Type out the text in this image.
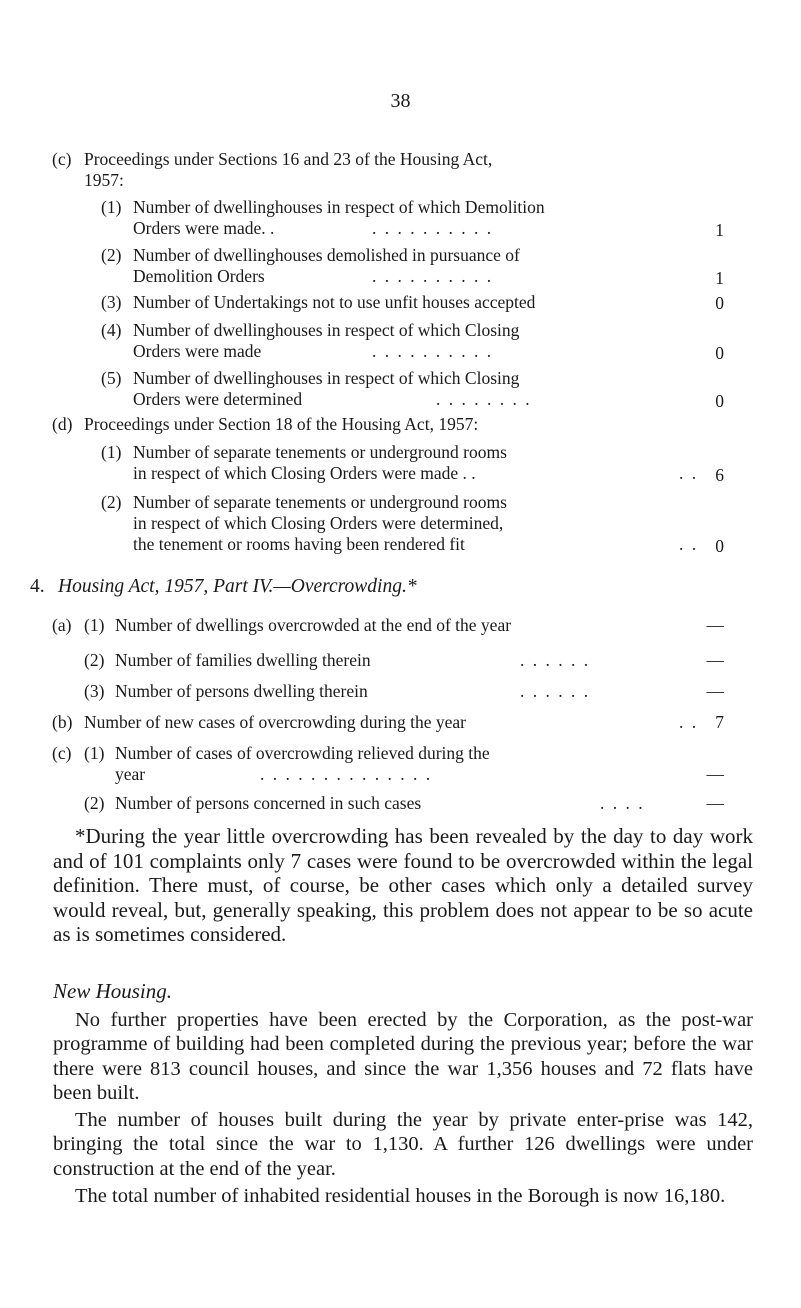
38
(c) Proceedings under Sections 16 and 23 of the Housing Act,
1957:
(1) Number of dwellinghouses in respect of which Demolition
Orders were made. .	. . . . . . . . . .	1
(2) Number of dwellinghouses demolished in pursuance of
Demolition Orders	. . . . . . . . . .	1
(3) Number of Undertakings not to use unfit houses accepted	0
(4) Number of dwellinghouses in respect of which Closing
Orders were made	. . . . . . . . . .	0
(5) Number of dwellinghouses in respect of which Closing
Orders were determined	. . . . . . . .	0
(d) Proceedings under Section 18 of the Housing Act, 1957:
(1) Number of separate tenements or underground rooms
in respect of which Closing Orders were made . .	. . 6
(2) Number of separate tenements or underground rooms
in respect of which Closing Orders were determined,
the tenement or rooms having been rendered fit	. . 0
4. Housing Act, 1957, Part IV.—Overcrowding.*
(a) (1) Number of dwellings overcrowded at the end of the year	—
(2) Number of families dwelling therein	. . . . . .	—
(3) Number of persons dwelling therein	. . . . . .	—
(b) Number of new cases of overcrowding during the year	. . 7
(c) (1) Number of cases of overcrowding relieved during the
year	. . . . . . . . . . . . . .	—
(2) Number of persons concerned in such cases	. . . .	—
*During the year little overcrowding has been revealed by the day to day work and of 101 complaints only 7 cases were found to be overcrowded within the legal definition. There must, of course, be other cases which only a detailed survey would reveal, but, generally speaking, this problem does not appear to be so acute as is sometimes considered.
New Housing.
No further properties have been erected by the Corporation, as the post-war programme of building had been completed during the previous year; before the war there were 813 council houses, and since the war 1,356 houses and 72 flats have been built.
The number of houses built during the year by private enter-prise was 142, bringing the total since the war to 1,130. A further 126 dwellings were under construction at the end of the year.
The total number of inhabited residential houses in the Borough is now 16,180.
